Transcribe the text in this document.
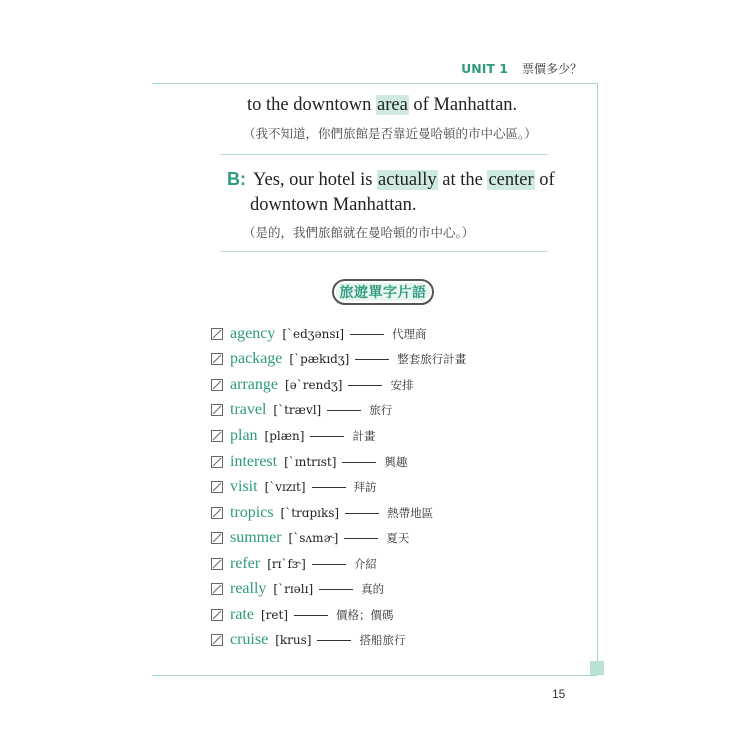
UNIT 1 票價多少？
to the downtown area of Manhattan.
（我不知道，你們旅館是否靠近曼哈頓的市中心區。）
B: Yes, our hotel is actually at the center of
downtown Manhattan.
（是的，我們旅館就在曼哈頓的市中心。）
旅遊單字片語
agency [ˋedʒənsɪ]	代理商
package [ˋpækɪdʒ]	整套旅行計畫
arrange [əˋrendʒ]	安排
travel [ˋtrævl]	旅行
plan [plæn]	計畫
interest [ˋɪntrɪst]	興趣
visit [ˋvɪzɪt]	拜訪
tropics [ˋtrɑpɪks]	熱帶地區
summer [ˋsʌmɚ]	夏天
refer [rɪˋfɝ]	介紹
really [ˋrɪəlɪ]	真的
rate [ret]	價格；價碼
cruise [krus]	搭船旅行
15
